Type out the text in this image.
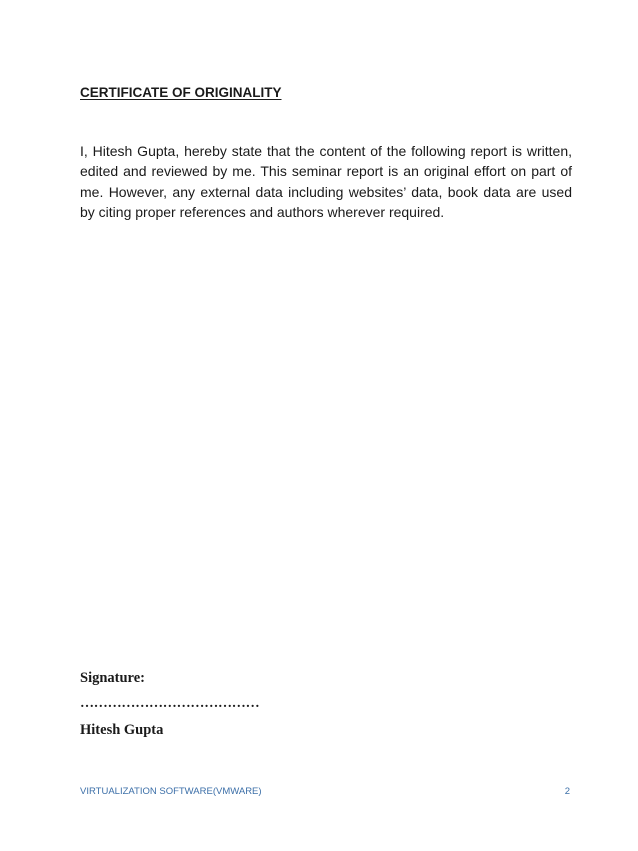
CERTIFICATE OF ORIGINALITY

I, Hitesh Gupta, hereby state that the content of the following report is written, edited and reviewed by me. This seminar report is an original effort on part of me. However, any external data including websites’ data, book data are used by citing proper references and authors wherever required.

Signature:

…………………………………

Hitesh Gupta

VIRTUALIZATION SOFTWARE(VMWARE)	2
